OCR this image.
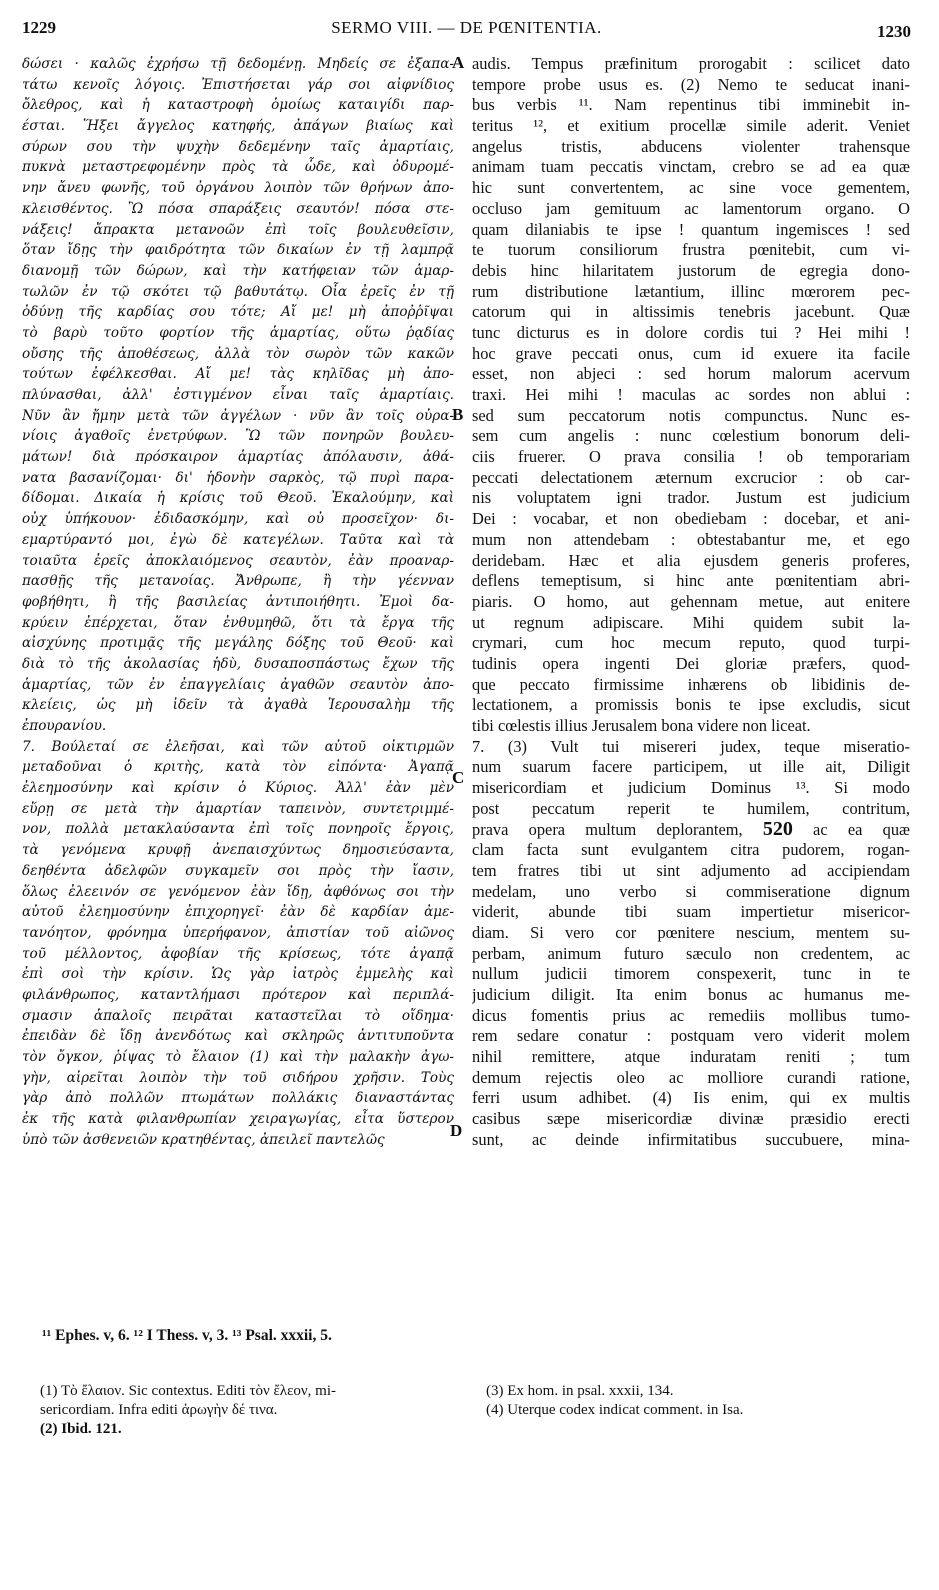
1229	SERMO VIII. — DE PŒNITENTIA.	1230
δώσει · καλῶς ἐχρήσω τῇ δεδομένῃ. Μηδείς σε ἐξαπα-
τάτω κενοῖς λόγοις. Ἐπιστήσεται γάρ σοι αἰφνίδιος
ὄλεθρος, καὶ ἡ καταστροφὴ ὁμοίως καταιγίδι παρ-
έσται. Ἥξει ἄγγελος κατηφής, ἀπάγων βιαίως καὶ
σύρων σου τὴν ψυχὴν δεδεμένην ταῖς ἁμαρτίαις,
πυκνὰ μεταστρεφομένην πρὸς τὰ ὧδε, καὶ ὀδυρομέ-
νην ἄνευ φωνῆς, τοῦ ὀργάνου λοιπὸν τῶν θρήνων ἀπο-
κλεισθέντος. Ὢ πόσα σπαράξεις σεαυτόν! πόσα στε-
νάξεις! ἄπρακτα μετανοῶν ἐπὶ τοῖς βουλευθεῖσιν,
ὅταν ἴδῃς τὴν φαιδρότητα τῶν δικαίων ἐν τῇ λαμπρᾷ
διανομῇ τῶν δώρων, καὶ τὴν κατήφειαν τῶν ἁμαρ-
τωλῶν ἐν τῷ σκότει τῷ βαθυτάτῳ. Οἷα ἐρεῖς ἐν τῇ
ὀδύνῃ τῆς καρδίας σου τότε; Αἴ με! μὴ ἀποῤῥῖψαι
τὸ βαρὺ τοῦτο φορτίον τῆς ἁμαρτίας, οὕτω ῥᾳδίας
οὔσης τῆς ἀποθέσεως, ἀλλὰ τὸν σωρὸν τῶν κακῶν
τούτων ἐφέλκεσθαι. Αἴ με! τὰς κηλῖδας μὴ ἀπο-
πλύνασθαι, ἀλλ' ἐστιγμένον εἶναι ταῖς ἁμαρτίαις.
Νῦν ἂν ἤμην μετὰ τῶν ἀγγέλων · νῦν ἂν τοῖς οὐρα-
νίοις ἀγαθοῖς ἐνετρύφων. Ὢ τῶν πονηρῶν βουλευ-
μάτων! διὰ πρόσκαιρον ἁμαρτίας ἀπόλαυσιν, ἀθά-
νατα βασανίζομαι· δι' ἡδονὴν σαρκὸς, τῷ πυρὶ παρα-
δίδομαι. Δικαία ἡ κρίσις τοῦ Θεοῦ. Ἐκαλούμην, καὶ
οὐχ ὑπήκουον· ἐδιδασκόμην, καὶ οὐ προσεῖχον· δι-
εμαρτύραντό μοι, ἐγὼ δὲ κατεγέλων. Ταῦτα καὶ τὰ
τοιαῦτα ἐρεῖς ἀποκλαιόμενος σεαυτὸν, ἐὰν προαναρ-
πασθῇς τῆς μετανοίας. Ἄνθρωπε, ἢ τὴν γέενναν
φοβήθητι, ἢ τῆς βασιλείας ἀντιποιήθητι. Ἐμοὶ δα-
κρύειν ἐπέρχεται, ὅταν ἐνθυμηθῶ, ὅτι τὰ ἔργα τῆς
αἰσχύνης προτιμᾷς τῆς μεγάλης δόξης τοῦ Θεοῦ· καὶ
διὰ τὸ τῆς ἀκολασίας ἡδὺ, δυσαποσπάστως ἔχων τῆς
ἁμαρτίας, τῶν ἐν ἐπαγγελίαις ἀγαθῶν σεαυτὸν ἀπο-
κλείεις, ὡς μὴ ἰδεῖν τὰ ἀγαθὰ Ἱερουσαλὴμ τῆς
ἐπουρανίου.
7. Βούλεταί σε ἐλεῆσαι, καὶ τῶν αὐτοῦ οἰκτιρμῶν
μεταδοῦναι ὁ κριτὴς, κατὰ τὸν εἰπόντα· Ἀγαπᾷ
ἐλεημοσύνην καὶ κρίσιν ὁ Κύριος. Ἀλλ' ἐὰν μὲν
εὕρῃ σε μετὰ τὴν ἁμαρτίαν ταπεινὸν, συντετριμμέ-
νον, πολλὰ μετακλαύσαντα ἐπὶ τοῖς πονηροῖς ἔργοις,
τὰ γενόμενα κρυφῇ ἀνεπαισχύντως δημοσιεύσαντα,
δεηθέντα ἀδελφῶν συγκαμεῖν σοι πρὸς τὴν ἴασιν,
ὅλως ἐλεεινόν σε γενόμενον ἐὰν ἴδῃ, ἀφθόνως σοι τὴν
αὐτοῦ ἐλεημοσύνην ἐπιχορηγεῖ· ἐὰν δὲ καρδίαν ἀμε-
τανόητον, φρόνημα ὑπερήφανον, ἀπιστίαν τοῦ αἰῶνος
τοῦ μέλλοντος, ἀφοβίαν τῆς κρίσεως, τότε ἀγαπᾷ
ἐπὶ σοὶ τὴν κρίσιν. Ὡς γὰρ ἰατρὸς ἐμμελὴς καὶ
φιλάνθρωπος, καταντλήμασι πρότερον καὶ περιπλά-
σμασιν ἁπαλοῖς πειρᾶται καταστεῖλαι τὸ οἴδημα·
ἐπειδὰν δὲ ἴδῃ ἀνενδότως καὶ σκληρῶς ἀντιτυποῦντα
τὸν ὄγκον, ῥίψας τὸ ἔλαιον (1) καὶ τὴν μαλακὴν ἀγω-
γὴν, αἱρεῖται λοιπὸν τὴν τοῦ σιδήρου χρῆσιν. Τοὺς
γὰρ ἀπὸ πολλῶν πτωμάτων πολλάκις διαναστάντας
ἐκ τῆς κατὰ φιλανθρωπίαν χειραγωγίας, εἶτα ὕστερον
ὑπὸ τῶν ἀσθενειῶν κρατηθέντας, ἀπειλεῖ παντελῶς
audis. Tempus præfinitum prorogabit : scilicet dato
tempore probe usus es. (2) Nemo te seducat inani-
bus verbis ¹¹. Nam repentinus tibi imminebit in-
teritus ¹², et exitium procellæ simile aderit. Veniet
angelus tristis, abducens violenter trahensque
animam tuam peccatis vinctam, crebro se ad ea quæ
hic sunt convertentem, ac sine voce gementem,
occluso jam gemituum ac lamentorum organo. O
quam dilaniabis te ipse ! quantum ingemisces ! sed
te tuorum consiliorum frustra pœnitebit, cum vi-
debis hinc hilaritatem justorum de egregia dono-
rum distributione lætantium, illinc mœrorem pec-
catorum qui in altissimis tenebris jacebunt. Quæ
tunc dicturus es in dolore cordis tui ? Hei mihi !
hoc grave peccati onus, cum id exuere ita facile
esset, non abjeci : sed horum malorum acervum
traxi. Hei mihi ! maculas ac sordes non ablui :
sed sum peccatorum notis compunctus. Nunc es-
sem cum angelis : nunc cœlestium bonorum deli-
ciis fruerer. O prava consilia ! ob temporariam
peccati delectationem æternum excrucior : ob car-
nis voluptatem igni trador. Justum est judicium
Dei : vocabar, et non obediebam : docebar, et ani-
mum non attendebam : obtestabantur me, et ego
deridebam. Hæc et alia ejusdem generis proferes,
deflens temeptisum, si hinc ante pœnitentiam abri-
piaris. O homo, aut gehennam metue, aut enitere
ut regnum adipiscare. Mihi quidem subit la-
crymari, cum hoc mecum reputo, quod turpi-
tudinis opera ingenti Dei gloriæ præfers, quod-
que peccato firmissime inhærens ob libidinis de-
lectationem, a promissis bonis te ipse excludis, sicut
tibi cœlestis illius Jerusalem bona videre non liceat.
7. (3) Vult tui misereri judex, teque miseratio-
num suarum facere participem, ut ille ait, Diligit
misericordiam et judicium Dominus ¹³. Si modo
post peccatum reperit te humilem, contritum,
prava opera multum deplorantem, 520 ac ea quæ
clam facta sunt evulgantem citra pudorem, rogan-
tem fratres tibi ut sint adjumento ad accipiendam
medelam, uno verbo si commiseratione dignum
viderit, abunde tibi suam impertietur misericor-
diam. Si vero cor pœnitere nescium, mentem su-
perbam, animum futuro sæculo non credentem, ac
nullum judicii timorem conspexerit, tunc in te
judicium diligit. Ita enim bonus ac humanus me-
dicus fomentis prius ac remediis mollibus tumo-
rem sedare conatur : postquam vero viderit molem
nihil remittere, atque induratam reniti ; tum
demum rejectis oleo ac molliore curandi ratione,
ferri usum adhibet. (4) Iis enim, qui ex multis
casibus sæpe misericordiæ divinæ præsidio erecti
sunt, ac deinde infirmitatibus succubuere, mina-
A
B
C
D
¹¹ Ephes. v, 6. ¹² I Thess. v, 3. ¹³ Psal. xxxii, 5.
(1) Τὸ ἔλαιον. Sic contextus. Editi τὸν ἔλεον, mi-
sericordiam. Infra editi ἀρωγὴν δέ τινα.
(2) Ibid. 121.
(3) Ex hom. in psal. xxxii, 134.
(4) Uterque codex indicat comment. in Isa.
